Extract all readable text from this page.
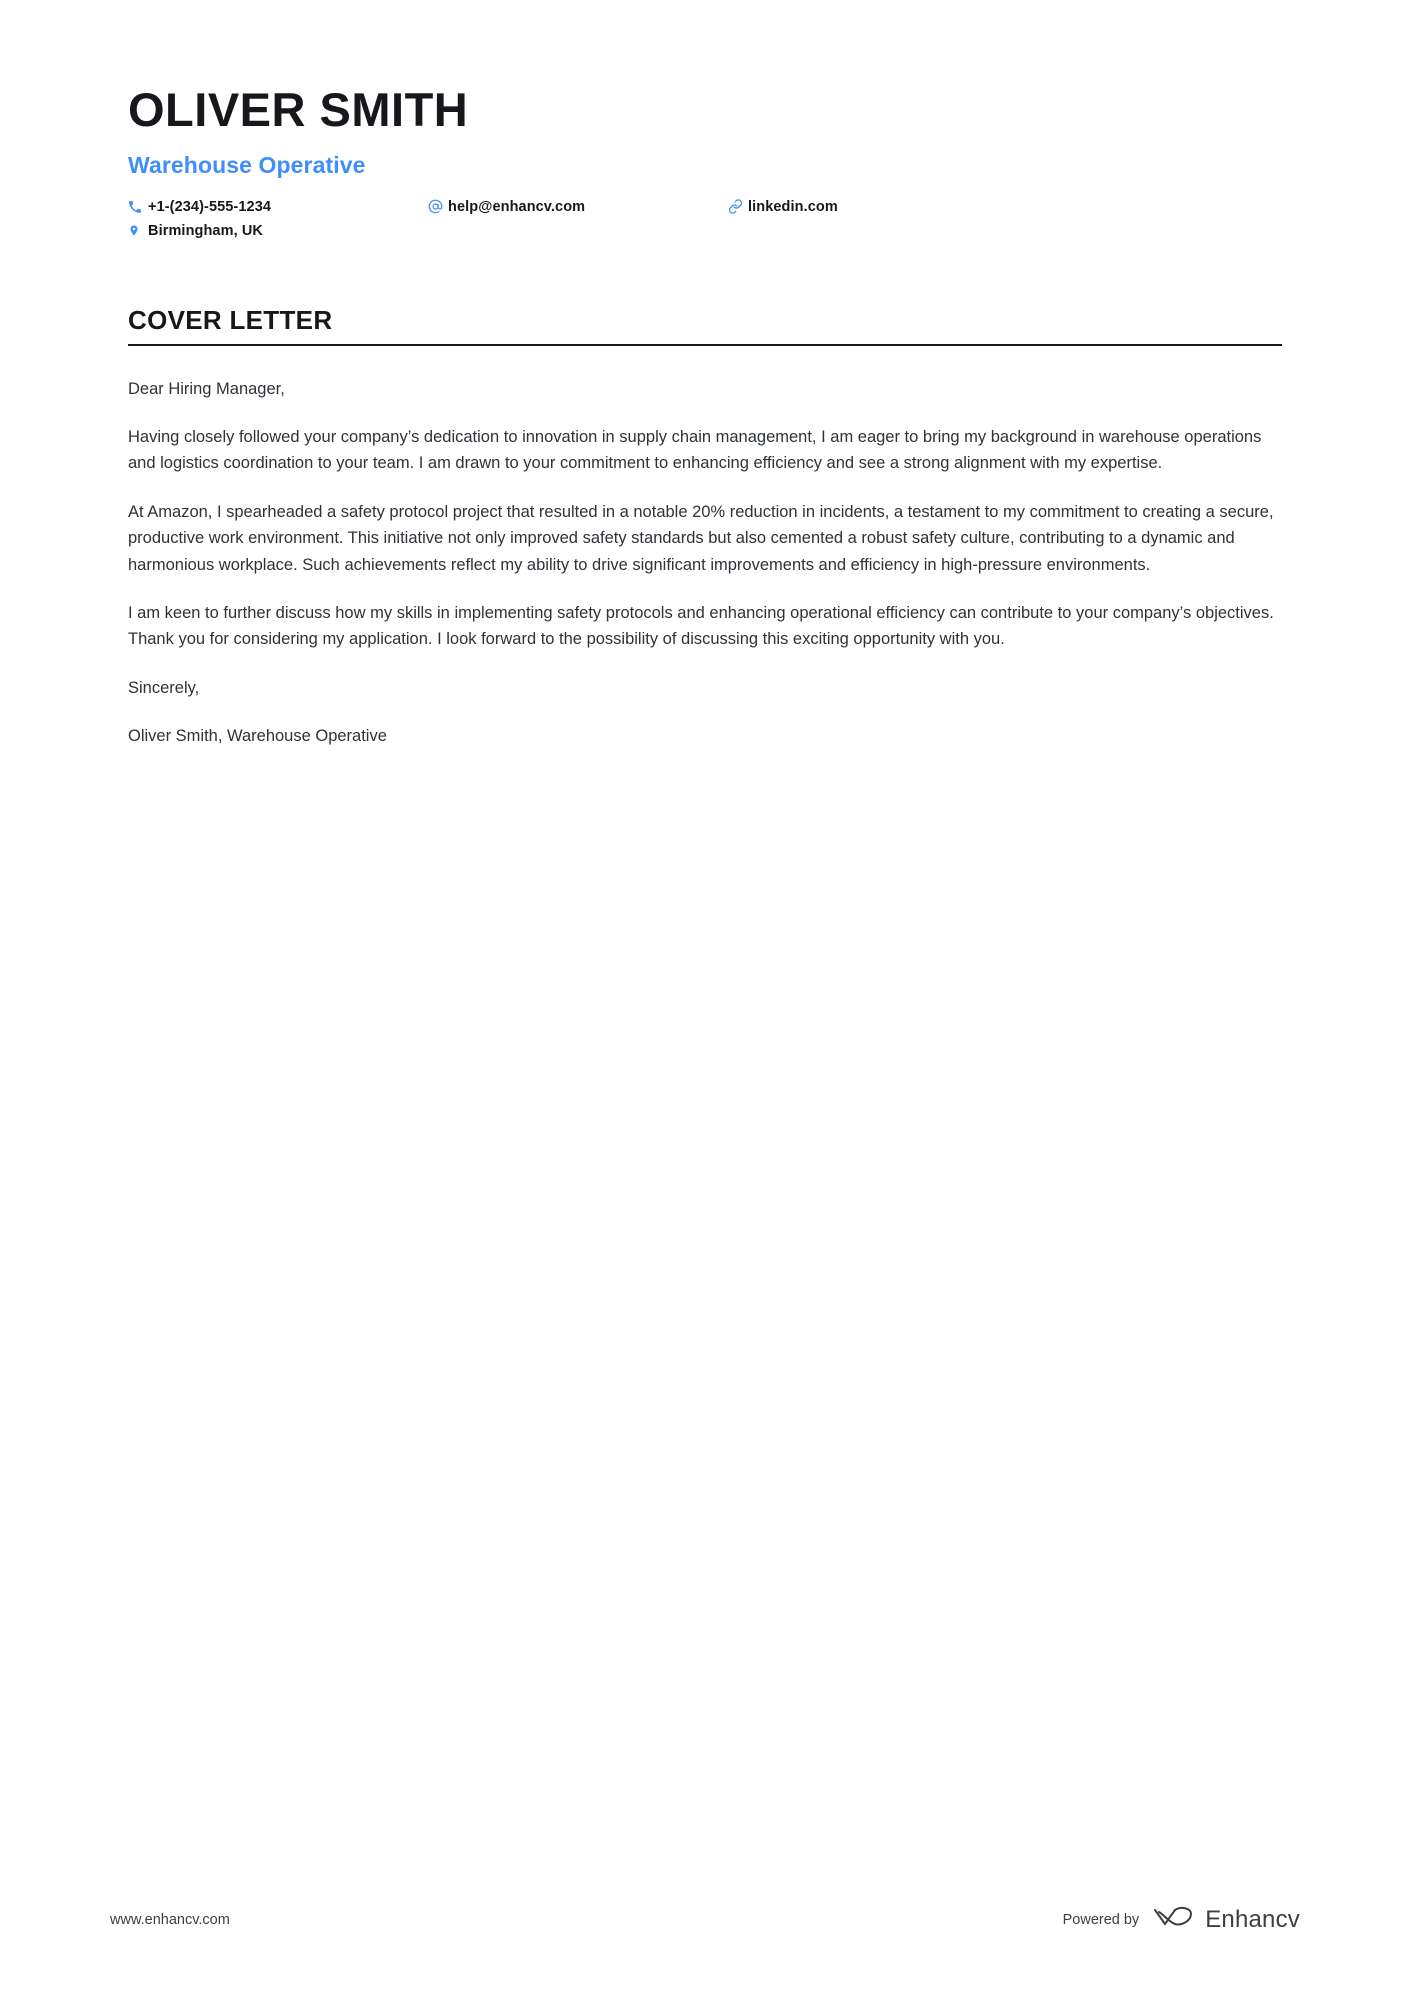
OLIVER SMITH
Warehouse Operative
+1-(234)-555-1234	help@enhancv.com	linkedin.com
Birmingham, UK
COVER LETTER

Dear Hiring Manager,

Having closely followed your company’s dedication to innovation in supply chain management, I am eager to bring my background in warehouse operations and logistics coordination to your team. I am drawn to your commitment to enhancing efficiency and see a strong alignment with my expertise.

At Amazon, I spearheaded a safety protocol project that resulted in a notable 20% reduction in incidents, a testament to my commitment to creating a secure, productive work environment. This initiative not only improved safety standards but also cemented a robust safety culture, contributing to a dynamic and harmonious workplace. Such achievements reflect my ability to drive significant improvements and efficiency in high-pressure environments.

I am keen to further discuss how my skills in implementing safety protocols and enhancing operational efficiency can contribute to your company’s objectives. Thank you for considering my application. I look forward to the possibility of discussing this exciting opportunity with you.

Sincerely,

Oliver Smith, Warehouse Operative

www.enhancv.com	Powered by	Enhancv
